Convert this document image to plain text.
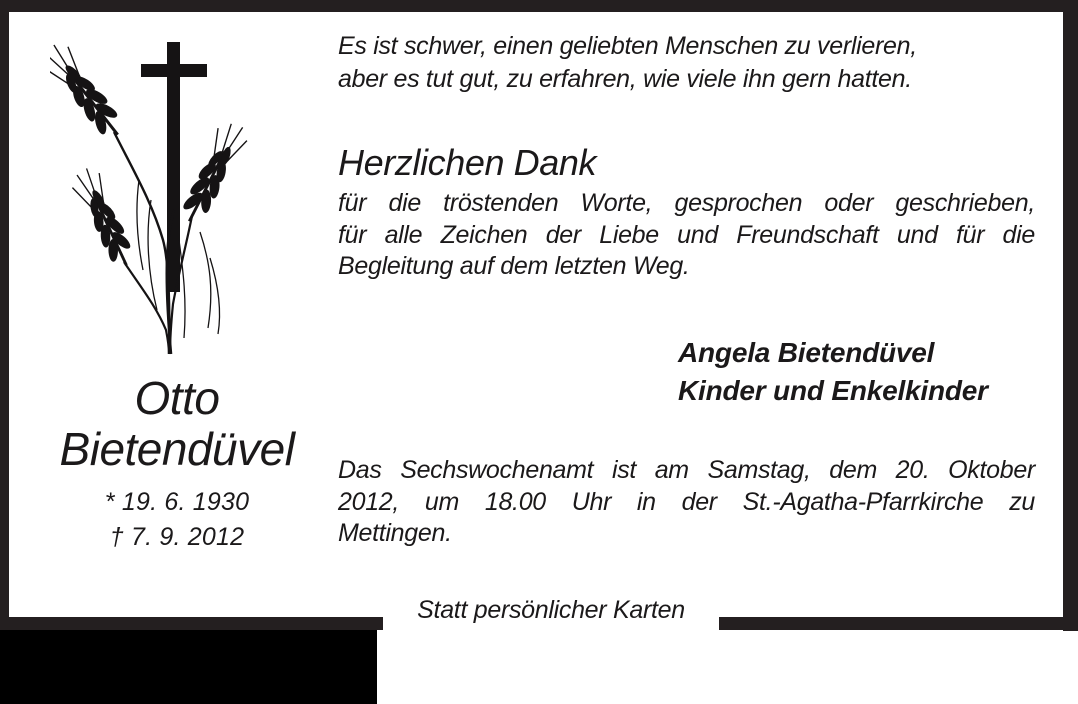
Otto
Bietendüvel
* 19. 6. 1930
† 7. 9. 2012
Es ist schwer, einen geliebten Menschen zu verlieren,
aber es tut gut, zu erfahren, wie viele ihn gern hatten.
Herzlichen Dank
für die tröstenden Worte, gesprochen oder geschrieben,
für alle Zeichen der Liebe und Freundschaft und für die
Begleitung auf dem letzten Weg.
Angela Bietendüvel
Kinder und Enkelkinder
Das Sechswochenamt ist am Samstag, dem 20. Oktober
2012, um 18.00 Uhr in der St.-Agatha-Pfarrkirche zu
Mettingen.
Statt persönlicher Karten
